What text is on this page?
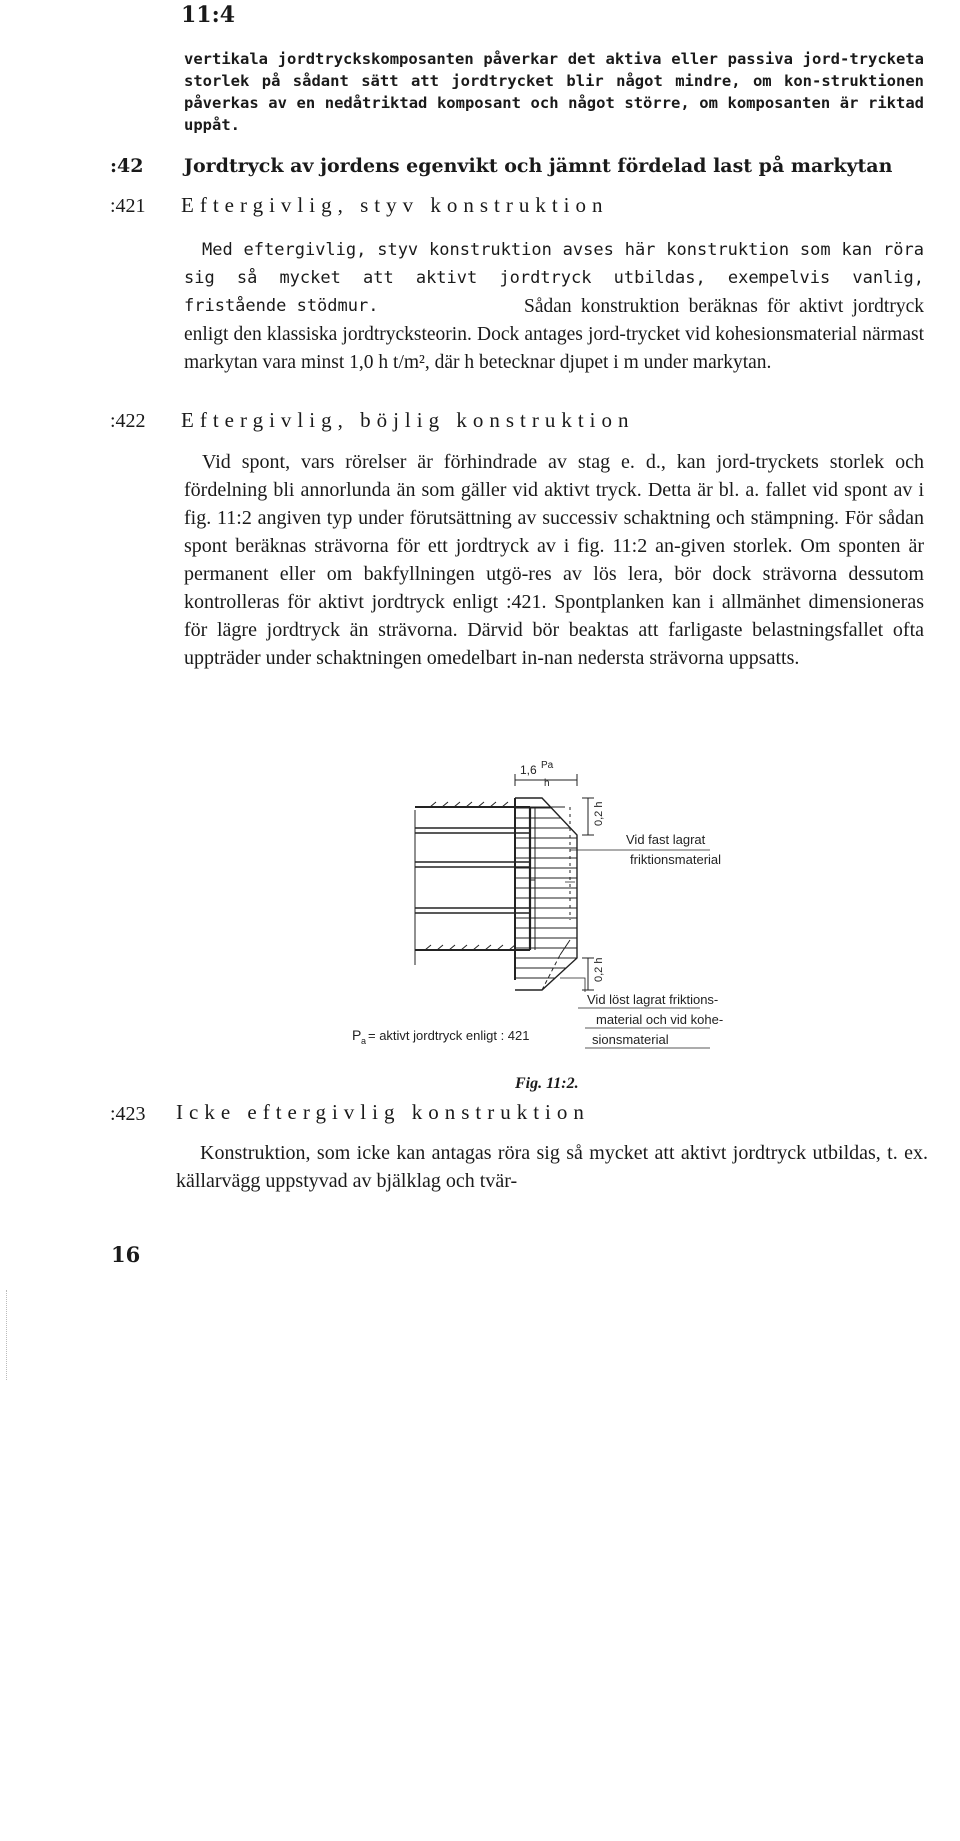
11:4
vertikala jordtryckskomposanten påverkar det aktiva eller passiva jord-trycketa storlek på sådant sätt att jordtrycket blir något mindre, om kon-struktionen påverkas av en nedåtriktad komposant och något större, om komposanten är riktad uppåt.
:42 Jordtryck av jordens egenvikt och jämnt fördelad last på markytan
:421 Eftergivlig, styv konstruktion
Med eftergivlig, styv konstruktion avses här konstruktion som kan röra sig så mycket att aktivt jordtryck utbildas, exempelvis vanlig, fristående stödmur.	Sådan konstruktion beräknas för aktivt jordtryck enligt den klassiska jordtrycksteorin. Dock antages jord-trycket vid kohesionsmaterial närmast markytan vara minst 1,0 h t/m², där h betecknar djupet i m under markytan.
:422 Eftergivlig, böjlig konstruktion
Vid spont, vars rörelser är förhindrade av stag e. d., kan jord-tryckets storlek och fördelning bli annorlunda än som gäller vid aktivt tryck. Detta är bl. a. fallet vid spont av i fig. 11:2 angiven typ under förutsättning av successiv schaktning och stämpning. För sådan spont beräknas strävorna för ett jordtryck av i fig. 11:2 an-given storlek. Om sponten är permanent eller om bakfyllningen utgö-res av lös lera, bör dock strävorna dessutom kontrolleras för aktivt jordtryck enligt :421. Spontplanken kan i allmänhet dimensioneras för lägre jordtryck än strävorna. Därvid bör beaktas att farligaste belastningsfallet ofta uppträder under schaktningen omedelbart in-nan nedersta strävorna uppsatts.
1,6 Pa
h
0,2 h
0,2 h
Vid fast lagrat
friktionsmaterial
Vid löst lagrat friktions-
material och vid kohe-
sionsmaterial
P a = aktivt jordtryck enligt : 421
Fig. 11:2.
:423 Icke eftergivlig konstruktion
Konstruktion, som icke kan antagas röra sig så mycket att aktivt jordtryck utbildas, t. ex. källarvägg uppstyvad av bjälklag och tvär-
16
